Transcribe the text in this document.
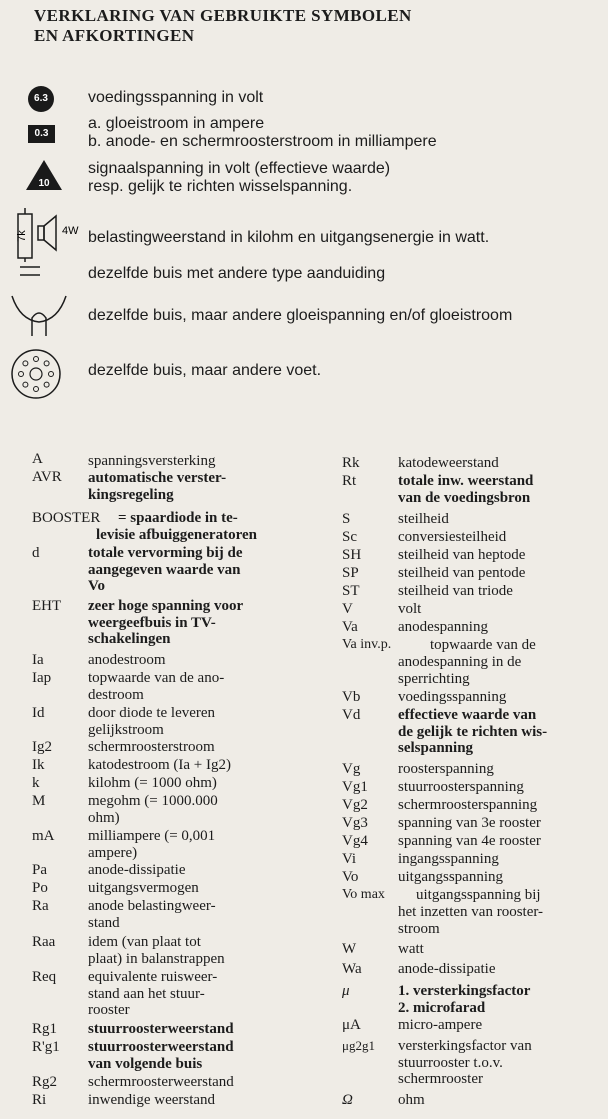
VERKLARING VAN GEBRUIKTE SYMBOLEN
EN AFKORTINGEN
6.3	voedingsspanning in volt
0.3
a. gloeistroom in ampere
b. anode- en schermroosterstroom in milliampere
10
signaalspanning in volt (effectieve waarde)
resp. gelijk te richten wisselspanning.
7k	4W belastingweerstand in kilohm en uitgangsenergie in watt.
dezelfde buis met andere type aanduiding
dezelfde buis, maar andere gloeispanning en/of gloeistroom
dezelfde buis, maar andere voet.
A	spanningsversterking
AVR automatische verster-
kingsregeling
BOOSTER = spaardiode in te-
levisie afbuiggeneratoren
d	totale vervorming bij de
aangegeven waarde van
Vo
EHT zeer hoge spanning voor
weergeefbuis in TV-
schakelingen
Ia	anodestroom
Iap topwaarde van de ano-
destroom
Id	door diode te leveren
gelijkstroom
Ig2 schermroosterstroom
Ik	katodestroom (Ia + Ig2)
k	kilohm (= 1000 ohm)
M	megohm (= 1000.000
ohm)
mA milliampere (= 0,001
ampere)
Pa	anode-dissipatie
Po	uitgangsvermogen
Ra	anode belastingweer-
stand
Raa idem (van plaat tot
plaat) in balanstrappen
Req equivalente ruisweer-
stand aan het stuur-
rooster
Rg1 stuurroosterweerstand
R'g1 stuurroosterweerstand
van volgende buis
Rg2 schermroosterweerstand
Ri	inwendige weerstand
Rk	katodeweerstand
Rt	totale inw. weerstand
van de voedingsbron
S	steilheid
Sc	conversiesteilheid
SH steilheid van heptode
SP	steilheid van pentode
ST	steilheid van triode
V	volt
Va	anodespanning
Va inv.p.	topwaarde van de
anodespanning in de
sperrichting
Vb	voedingsspanning
Vd	effectieve waarde van
de gelijk te richten wis-
selspanning
Vg	roosterspanning
Vg1 stuurroosterspanning
Vg2 schermroosterspanning
Vg3 spanning van 3e rooster
Vg4 spanning van 4e rooster
Vi	ingangsspanning
Vo	uitgangsspanning
Vo max uitgangsspanning bij
het inzetten van rooster-
stroom
W	watt
Wa anode-dissipatie
μ	1. versterkingsfactor
2. microfarad
μA micro-ampere
μg2g1 versterkingsfactor van
stuurrooster t.o.v.
schermrooster
Ω	ohm
